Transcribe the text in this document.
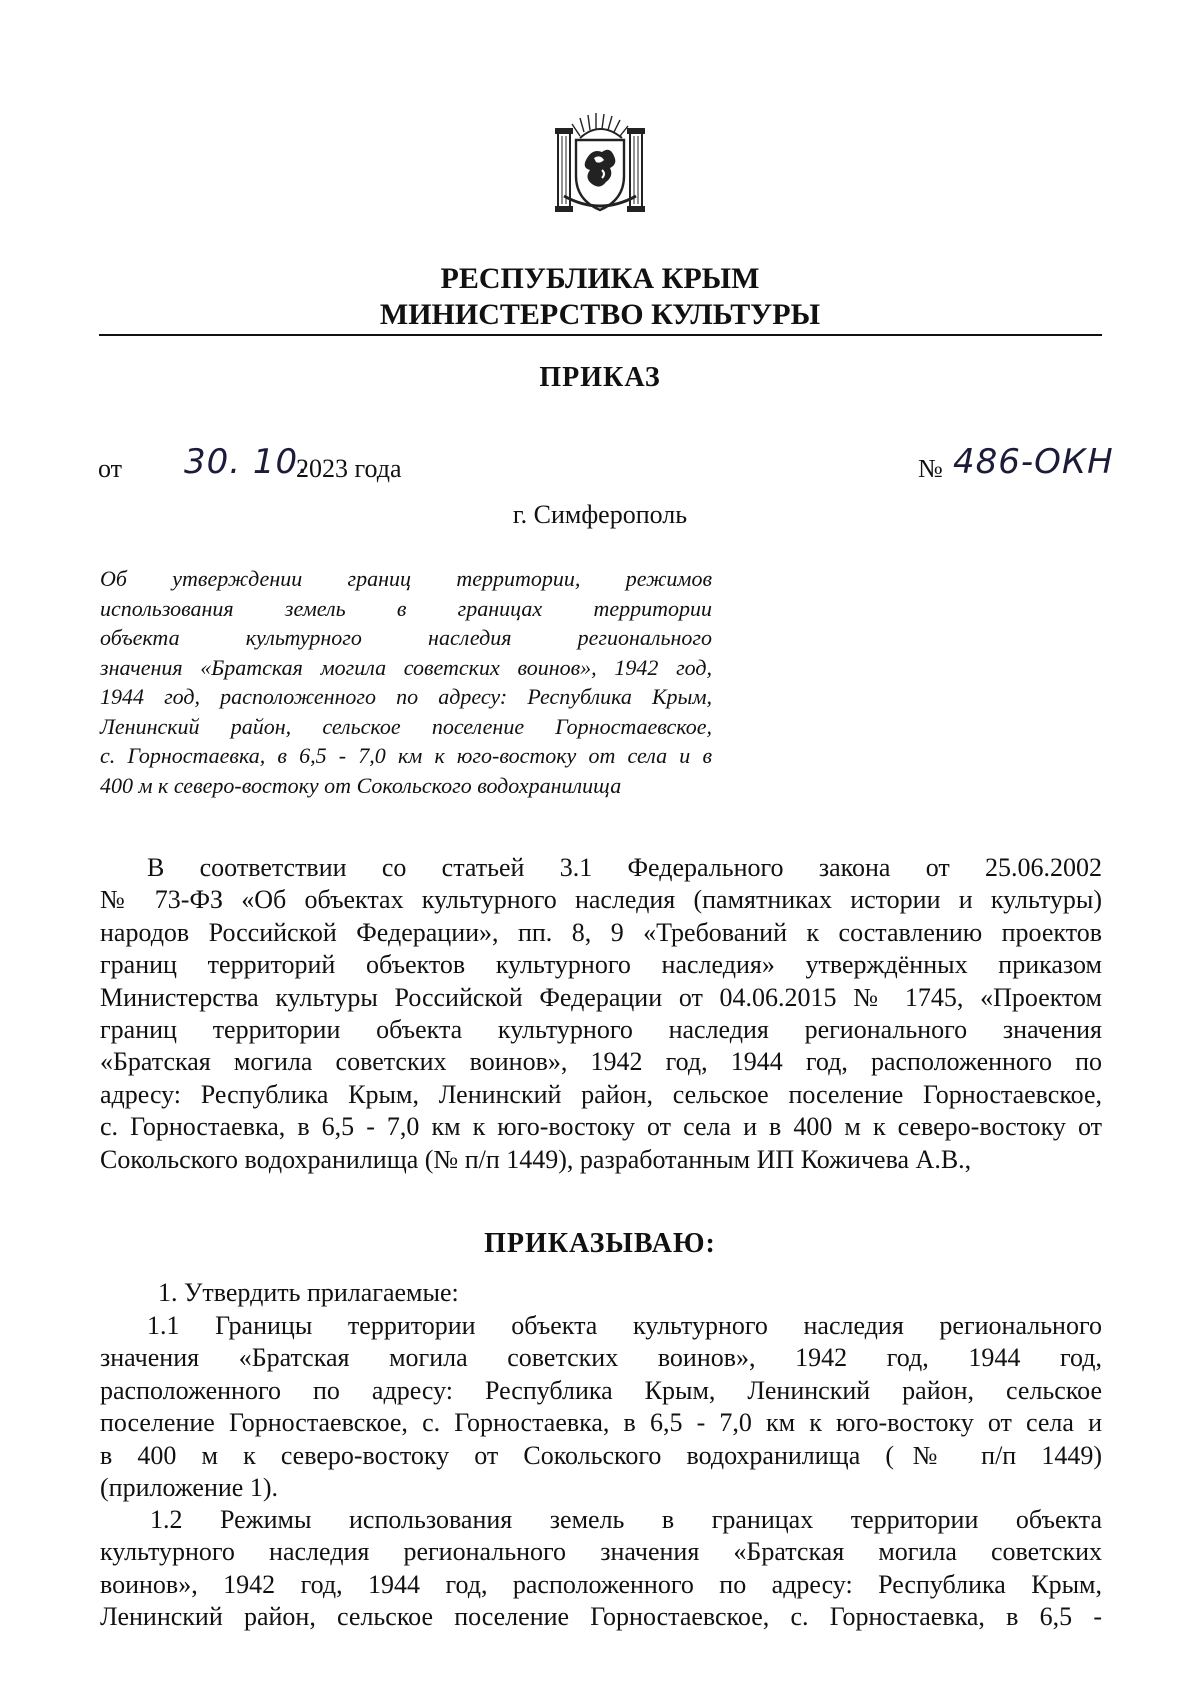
РЕСПУБЛИКА КРЫМ
МИНИСТЕРСТВО КУЛЬТУРЫ
ПРИКАЗ
от 30. 10.
2023 года	№ 486-ОКН
г. Симферополь
Об утверждении границ территории, режимов
использования земель в границах территории
объекта культурного наследия регионального
значения «Братская могила советских воинов», 1942 год,
1944 год, расположенного по адресу: Республика Крым,
Ленинский район, сельское поселение Горностаевское,
с. Горностаевка, в 6,5 - 7,0 км к юго-востоку от села и в
400 м к северо-востоку от Сокольского водохранилища
В соответствии со статьей 3.1 Федерального закона от 25.06.2002
№ 73-ФЗ «Об объектах культурного наследия (памятниках истории и культуры)
народов Российской Федерации», пп. 8, 9 «Требований к составлению проектов
границ территорий объектов культурного наследия» утверждённых приказом
Министерства культуры Российской Федерации от 04.06.2015 № 1745, «Проектом
границ территории объекта культурного наследия регионального значения
«Братская могила советских воинов», 1942 год, 1944 год, расположенного по
адресу: Республика Крым, Ленинский район, сельское поселение Горностаевское,
с. Горностаевка, в 6,5 - 7,0 км к юго-востоку от села и в 400 м к северо-востоку от
Сокольского водохранилища (№ п/п 1449), разработанным ИП Кожичева А.В.,
ПРИКАЗЫВАЮ:
1. Утвердить прилагаемые:
1.1 Границы территории объекта культурного наследия регионального
значения «Братская могила советских воинов», 1942 год, 1944 год,
расположенного по адресу: Республика Крым, Ленинский район, сельское
поселение Горностаевское, с. Горностаевка, в 6,5 - 7,0 км к юго-востоку от села и
в 400 м к северо-востоку от Сокольского водохранилища (№ п/п 1449)
(приложение 1).
1.2 Режимы использования земель в границах территории объекта
культурного наследия регионального значения «Братская могила советских
воинов», 1942 год, 1944 год, расположенного по адресу: Республика Крым,
Ленинский район, сельское поселение Горностаевское, с. Горностаевка, в 6,5 -
